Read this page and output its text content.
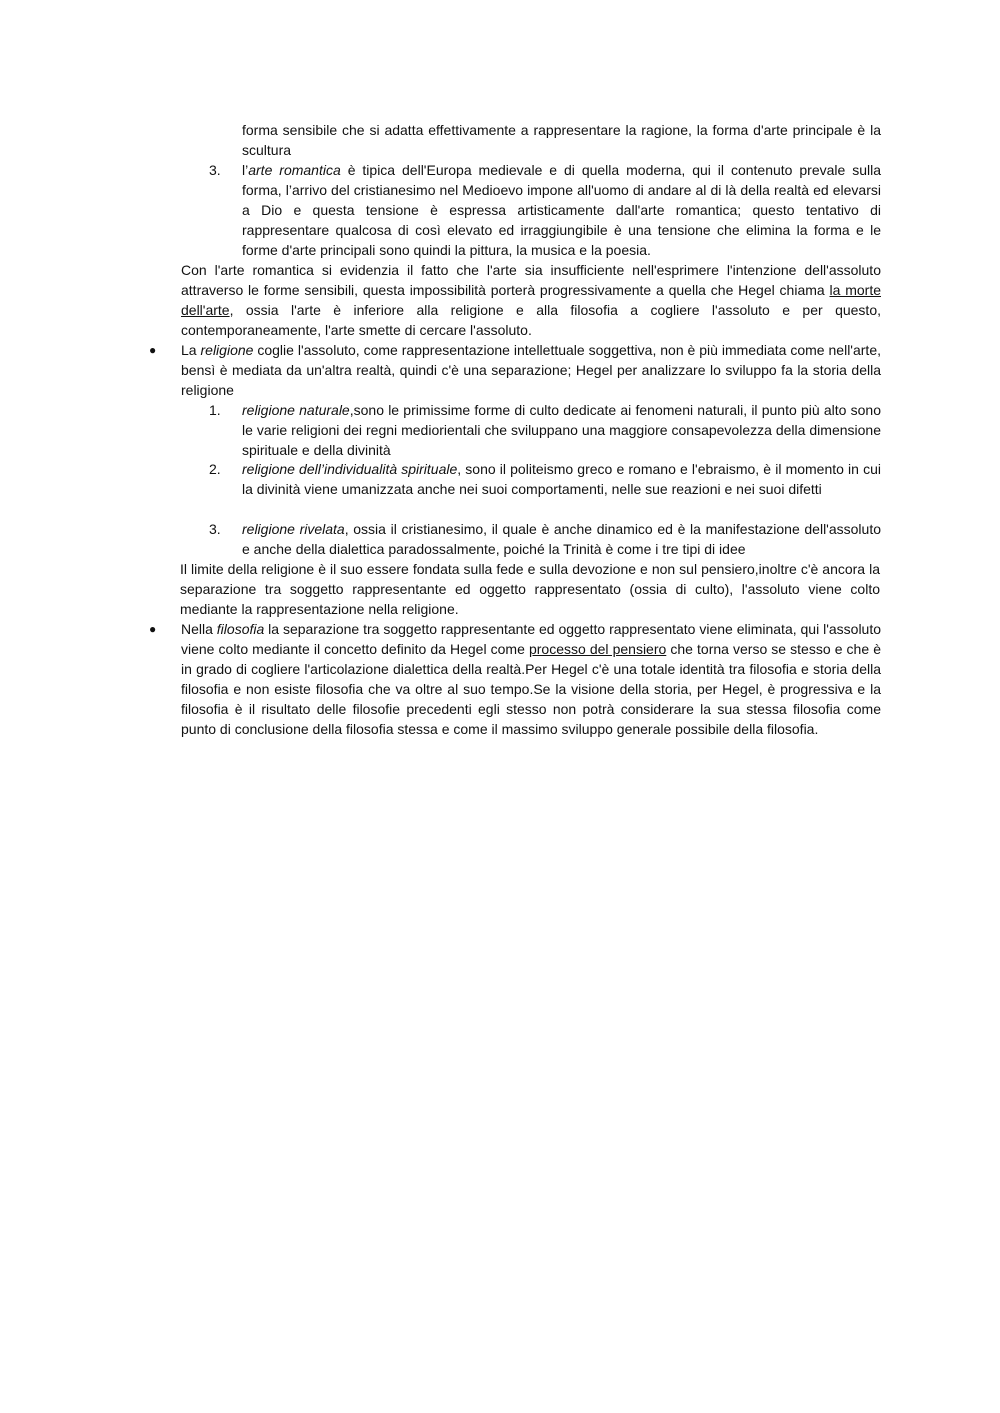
forma sensibile che si adatta effettivamente a rappresentare la ragione, la forma d'arte principale è la scultura
3.	l’arte romantica è tipica dell'Europa medievale e di quella moderna, qui il contenuto prevale sulla forma, l’arrivo del cristianesimo nel Medioevo impone all'uomo di andare al di là della realtà ed elevarsi a Dio e questa tensione è espressa artisticamente dall'arte romantica; questo tentativo di rappresentare qualcosa di così elevato ed irraggiungibile è una tensione che elimina la forma e le forme d'arte principali sono quindi la pittura, la musica e la poesia.
Con l'arte romantica si evidenzia il fatto che l'arte sia insufficiente nell'esprimere l'intenzione dell'assoluto attraverso le forme sensibili, questa impossibilità porterà progressivamente a quella che Hegel chiama la morte dell'arte, ossia l'arte è inferiore alla religione e alla filosofia a cogliere l'assoluto e per questo, contemporaneamente, l'arte smette di cercare l'assoluto.
● La religione coglie l'assoluto, come rappresentazione intellettuale soggettiva, non è più immediata come nell'arte, bensì è mediata da un'altra realtà, quindi c'è una separazione; Hegel per analizzare lo sviluppo fa la storia della religione
1.	religione naturale,sono le primissime forme di culto dedicate ai fenomeni naturali, il punto più alto sono le varie religioni dei regni mediorientali che sviluppano una maggiore consapevolezza della dimensione spirituale e della divinità
2.	religione dell’individualità spirituale, sono il politeismo greco e romano e l'ebraismo, è il momento in cui la divinità viene umanizzata anche nei suoi comportamenti, nelle sue reazioni e nei suoi difetti
3.	religione rivelata, ossia il cristianesimo, il quale è anche dinamico ed è la manifestazione dell'assoluto e anche della dialettica paradossalmente, poiché la Trinità è come i tre tipi di idee
Il limite della religione è il suo essere fondata sulla fede e sulla devozione e non sul pensiero,inoltre c'è ancora la separazione tra soggetto rappresentante ed oggetto rappresentato (ossia di culto), l'assoluto viene colto mediante la rappresentazione nella religione.
● Nella filosofia la separazione tra soggetto rappresentante ed oggetto rappresentato viene eliminata, qui l'assoluto viene colto mediante il concetto definito da Hegel come processo del pensiero che torna verso se stesso e che è in grado di cogliere l'articolazione dialettica della realtà.Per Hegel c'è una totale identità tra filosofia e storia della filosofia e non esiste filosofia che va oltre al suo tempo.Se la visione della storia, per Hegel, è progressiva e la filosofia è il risultato delle filosofie precedenti egli stesso non potrà considerare la sua stessa filosofia come punto di conclusione della filosofia stessa e come il massimo sviluppo generale possibile della filosofia.
